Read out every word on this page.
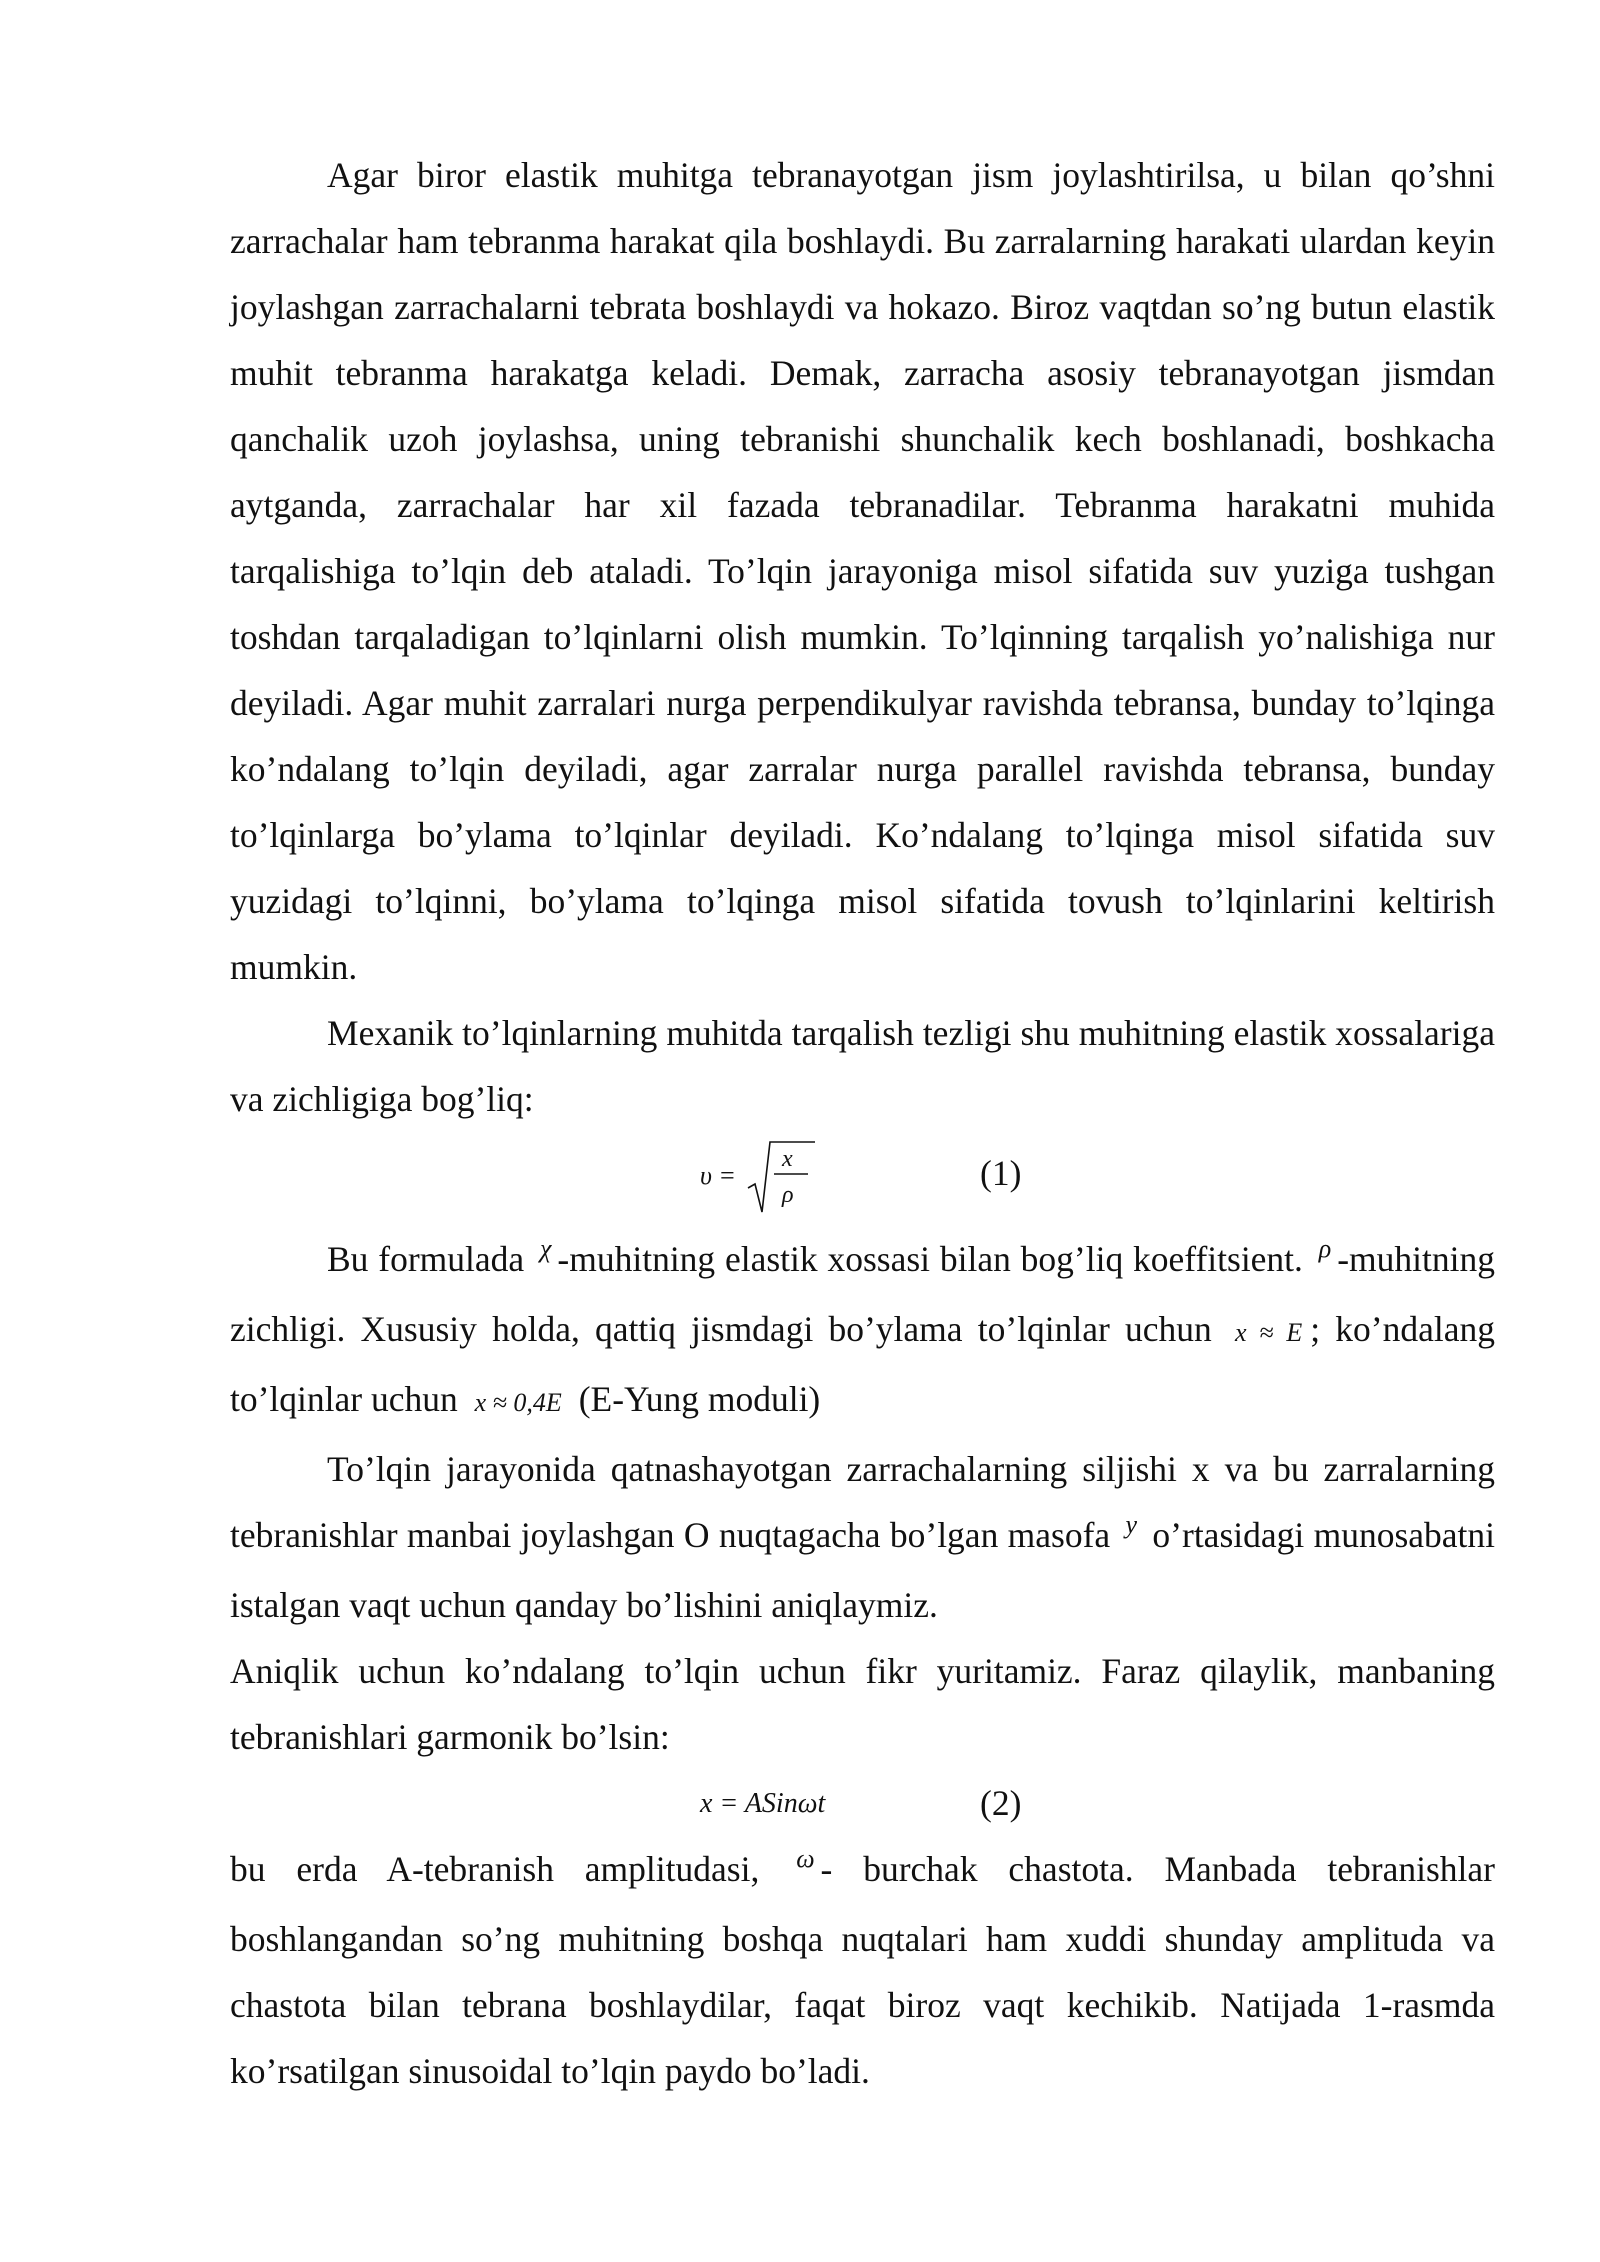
Agar biror elastik muhitga tebranayotgan jism joylashtirilsa, u bilan qo’shni zarrachalar ham tebranma harakat qila boshlaydi. Bu zarralarning harakati ulardan keyin joylashgan zarrachalarni tebrata boshlaydi va hokazo. Biroz vaqtdan so’ng butun elastik muhit tebranma harakatga keladi. Demak, zarracha asosiy tebranayotgan jismdan qanchalik uzoh joylashsa, uning tebranishi shunchalik kech boshlanadi, boshkacha aytganda, zarrachalar har xil fazada tebranadilar. Tebranma harakatni muhida tarqalishiga to’lqin deb ataladi. To’lqin jarayoniga misol sifatida suv yuziga tushgan toshdan tarqaladigan to’lqinlarni olish mumkin. To’lqinning tarqalish yo’nalishiga nur deyiladi. Agar muhit zarralari nurga perpendikulyar ravishda tebransa, bunday to’lqinga ko’ndalang to’lqin deyiladi, agar zarralar nurga parallel ravishda tebransa, bunday to’lqinlarga bo’ylama to’lqinlar deyiladi. Ko’ndalang to’lqinga misol sifatida suv yuzidagi to’lqinni, bo’ylama to’lqinga misol sifatida tovush to’lqinlarini keltirish mumkin.

Mexanik to’lqinlarning muhitda tarqalish tezligi shu muhitning elastik xossalariga va zichligiga bog’liq:

υ =
x
ρ
(1)

Bu formulada $^\chi$ -muhitning elastik xossasi bilan bog’liq koeffitsient. $^\rho$ -muhitning zichligi. Xususiy holda, qattiq jismdagi bo’ylama to’lqinlar uchun x ≈ E ; ko’ndalang to’lqinlar uchun x ≈ 0,4E (E-Yung moduli)

To’lqin jarayonida qatnashayotgan zarrachalarning siljishi x va bu zarralarning tebranishlar manbai joylashgan O nuqtagacha bo’lgan masofa $^y$ o’rtasidagi munosabatni istalgan vaqt uchun qanday bo’lishini aniqlaymiz.

Aniqlik uchun ko’ndalang to’lqin uchun fikr yuritamiz. Faraz qilaylik, manbaning tebranishlari garmonik bo’lsin:

x = ASinωt	(2)

bu erda A-tebranish amplitudasi, $^\omega$ - burchak chastota. Manbada tebranishlar boshlangandan so’ng muhitning boshqa nuqtalari ham xuddi shunday amplituda va chastota bilan tebrana boshlaydilar, faqat biroz vaqt kechikib. Natijada 1-rasmda ko’rsatilgan sinusoidal to’lqin paydo bo’ladi.
